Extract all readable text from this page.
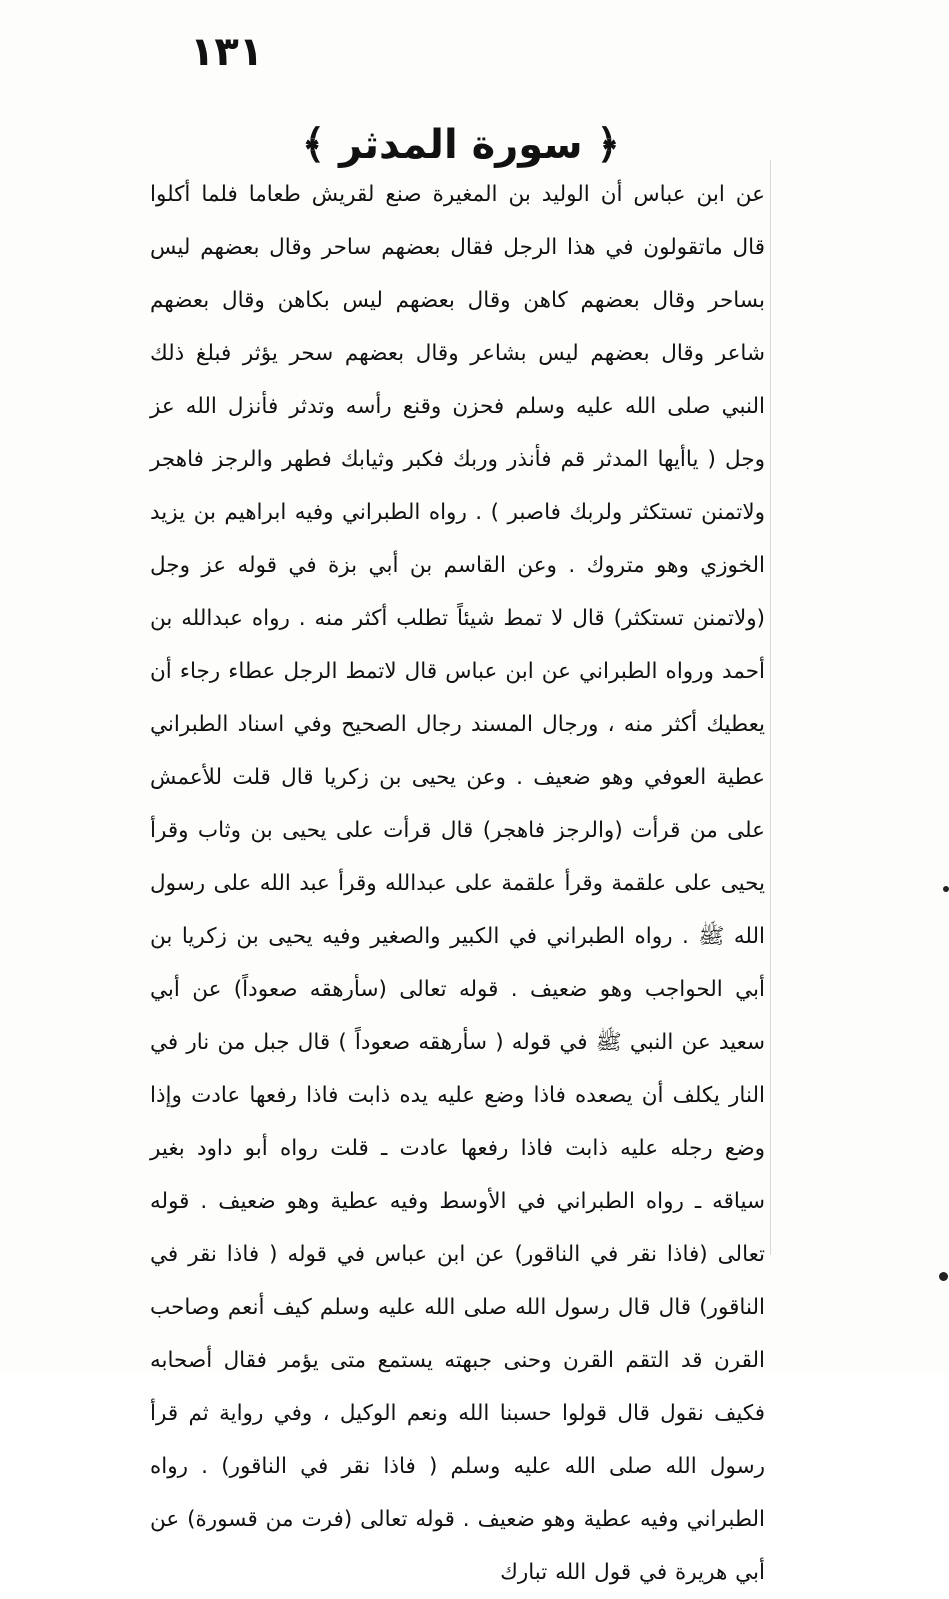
١٣١
﴿ سورة المدثر ﴾
عن ابن عباس أن الوليد بن المغيرة صنع لقريش طعاما فلما أكلوا قال ماتقولون في هذا الرجل فقال بعضهم ساحر وقال بعضهم ليس بساحر وقال بعضهم كاهن وقال بعضهم ليس بكاهن وقال بعضهم شاعر وقال بعضهم ليس بشاعر وقال بعضهم سحر يؤثر فبلغ ذلك النبي صلى الله عليه وسلم فحزن وقنع رأسه وتدثر فأنزل الله عز وجل ( ياأيها المدثر قم فأنذر وربك فكبر وثيابك فطهر والرجز فاهجر ولاتمنن تستكثر ولربك فاصبر ) . رواه الطبراني وفيه ابراهيم بن يزيد الخوزي وهو متروك . وعن القاسم بن أبي بزة في قوله عز وجل (ولاتمنن تستكثر) قال لا تمط شيئاً تطلب أكثر منه . رواه عبدالله بن أحمد ورواه الطبراني عن ابن عباس قال لاتمط الرجل عطاء رجاء أن يعطيك أكثر منه ، ورجال المسند رجال الصحيح وفي اسناد الطبراني عطية العوفي وهو ضعيف . وعن يحيى بن زكريا قال قلت للأعمش على من قرأت (والرجز فاهجر) قال قرأت على يحيى بن وثاب وقرأ يحيى على علقمة وقرأ علقمة على عبدالله وقرأ عبد الله على رسول الله ﷺ . رواه الطبراني في الكبير والصغير وفيه يحيى بن زكريا بن أبي الحواجب وهو ضعيف . قوله تعالى (سأرهقه صعوداً) عن أبي سعيد عن النبي ﷺ في قوله ( سأرهقه صعوداً ) قال جبل من نار في النار يكلف أن يصعده فاذا وضع عليه يده ذابت فاذا رفعها عادت وإذا وضع رجله عليه ذابت فاذا رفعها عادت ـ قلت رواه أبو داود بغير سياقه ـ رواه الطبراني في الأوسط وفيه عطية وهو ضعيف . قوله تعالى (فاذا نقر في الناقور) عن ابن عباس في قوله ( فاذا نقر في الناقور) قال قال رسول الله صلى الله عليه وسلم كيف أنعم وصاحب القرن قد التقم القرن وحنى جبهته يستمع متى يؤمر فقال أصحابه فكيف نقول قال قولوا حسبنا الله ونعم الوكيل ، وفي رواية ثم قرأ رسول الله صلى الله عليه وسلم ( فاذا نقر في الناقور) . رواه الطبراني وفيه عطية وهو ضعيف . قوله تعالى (فرت من قسورة) عن أبي هريرة في قول الله تبارك
